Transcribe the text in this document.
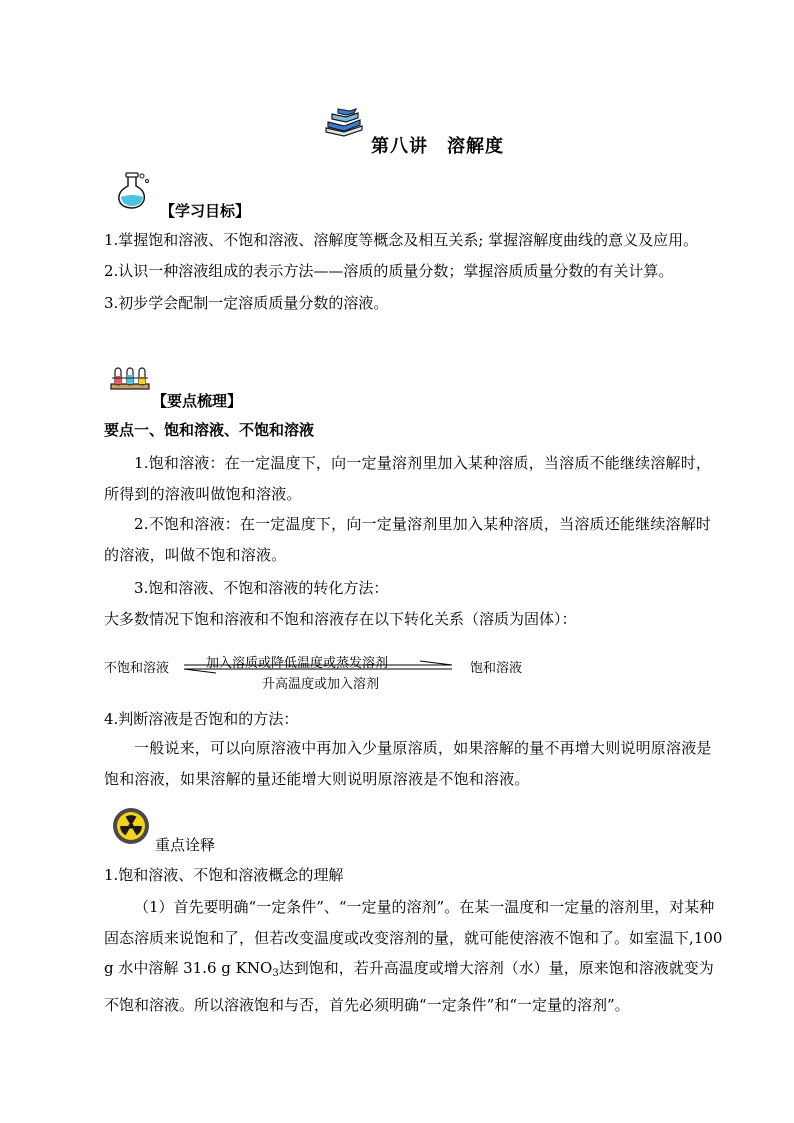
第八讲　溶解度
【学习目标】
1.掌握饱和溶液、不饱和溶液、溶解度等概念及相互关系; 掌握溶解度曲线的意义及应用。
2.认识一种溶液组成的表示方法——溶质的质量分数；掌握溶质质量分数的有关计算。
3.初步学会配制一定溶质质量分数的溶液。
【要点梳理】
要点一、饱和溶液、不饱和溶液
1.饱和溶液：在一定温度下，向一定量溶剂里加入某种溶质，当溶质不能继续溶解时，所得到的溶液叫做饱和溶液。
2.不饱和溶液：在一定温度下，向一定量溶剂里加入某种溶质，当溶质还能继续溶解时的溶液，叫做不饱和溶液。
3.饱和溶液、不饱和溶液的转化方法：
大多数情况下饱和溶液和不饱和溶液存在以下转化关系（溶质为固体）：
不饱和溶液	加入溶质或降低温度或蒸发溶剂
升高温度或加入溶剂
饱和溶液
4.判断溶液是否饱和的方法：
一般说来，可以向原溶液中再加入少量原溶质，如果溶解的量不再增大则说明原溶液是饱和溶液，如果溶解的量还能增大则说明原溶液是不饱和溶液。
重点诠释
1.饱和溶液、不饱和溶液概念的理解
（1）首先要明确“一定条件”、“一定量的溶剂”。在某一温度和一定量的溶剂里，对某种固态溶质来说饱和了，但若改变温度或改变溶剂的量，就可能使溶液不饱和了。如室温下,100 g 水中溶解 31.6 g $KNO_3$达到饱和，若升高温度或增大溶剂（水）量，原来饱和溶液就变为不饱和溶液。所以溶液饱和与否，首先必须明确“一定条件”和“一定量的溶剂”。
